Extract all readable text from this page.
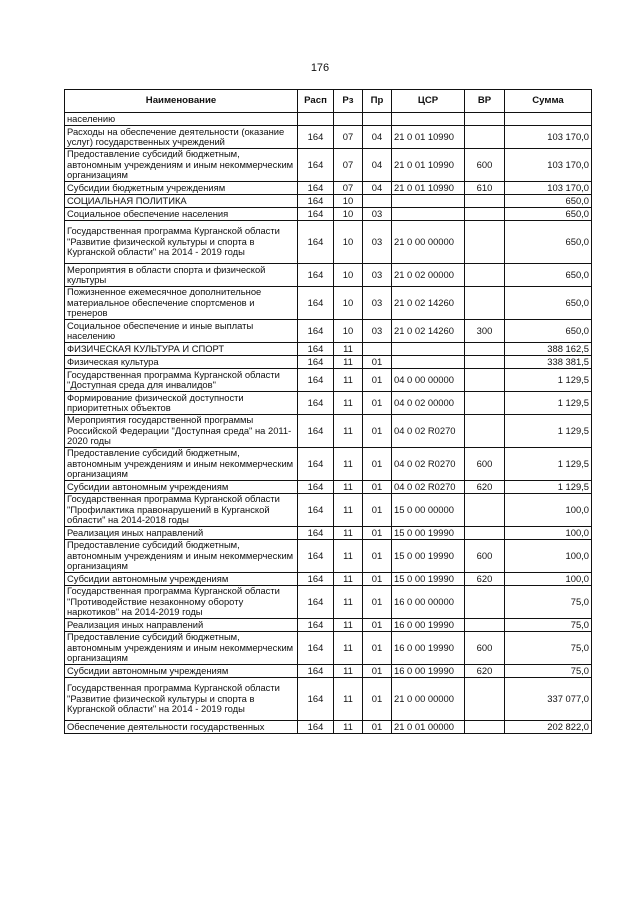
176
Наименование	Расп	Рз	Пр	ЦСР	ВР	Сумма
населению						
Расходы на обеспечение деятельности (оказание услуг) государственных учреждений	164	07	04	21 0 01 10990		103 170,0
Предоставление субсидий бюджетным, автономным учреждениям и иным некоммерческим организациям	164	07	04	21 0 01 10990	600	103 170,0
Субсидии бюджетным учреждениям	164	07	04	21 0 01 10990	610	103 170,0
СОЦИАЛЬНАЯ ПОЛИТИКА	164	10				650,0
Социальное обеспечение населения	164	10	03			650,0
Государственная программа Курганской области "Развитие физической культуры и спорта в Курганской области" на 2014 - 2019 годы	164	10	03	21 0 00 00000		650,0
Мероприятия в области спорта и физической культуры	164	10	03	21 0 02 00000		650,0
Пожизненное ежемесячное дополнительное материальное обеспечение спортсменов и тренеров	164	10	03	21 0 02 14260		650,0
Социальное обеспечение и иные выплаты населению	164	10	03	21 0 02 14260	300	650,0
ФИЗИЧЕСКАЯ КУЛЬТУРА И СПОРТ	164	11				388 162,5
Физическая культура	164	11	01			338 381,5
Государственная программа Курганской области "Доступная среда для инвалидов"	164	11	01	04 0 00 00000		1 129,5
Формирование физической доступности приоритетных объектов	164	11	01	04 0 02 00000		1 129,5
Мероприятия государственной программы Российской Федерации "Доступная среда" на 2011-2020 годы	164	11	01	04 0 02 R0270		1 129,5
Предоставление субсидий бюджетным, автономным учреждениям и иным некоммерческим организациям	164	11	01	04 0 02 R0270	600	1 129,5
Субсидии автономным учреждениям	164	11	01	04 0 02 R0270	620	1 129,5
Государственная программа Курганской области "Профилактика правонарушений в Курганской области" на 2014-2018 годы	164	11	01	15 0 00 00000		100,0
Реализация иных направлений	164	11	01	15 0 00 19990		100,0
Предоставление субсидий бюджетным, автономным учреждениям и иным некоммерческим организациям	164	11	01	15 0 00 19990	600	100,0
Субсидии автономным учреждениям	164	11	01	15 0 00 19990	620	100,0
Государственная программа Курганской области "Противодействие незаконному обороту наркотиков" на 2014-2019 годы	164	11	01	16 0 00 00000		75,0
Реализация иных направлений	164	11	01	16 0 00 19990		75,0
Предоставление субсидий бюджетным, автономным учреждениям и иным некоммерческим организациям	164	11	01	16 0 00 19990	600	75,0
Субсидии автономным учреждениям	164	11	01	16 0 00 19990	620	75,0
Государственная программа Курганской области "Развитие физической культуры и спорта в Курганской области" на 2014 - 2019 годы	164	11	01	21 0 00 00000		337 077,0
Обеспечение деятельности государственных	164	11	01	21 0 01 00000		202 822,0
